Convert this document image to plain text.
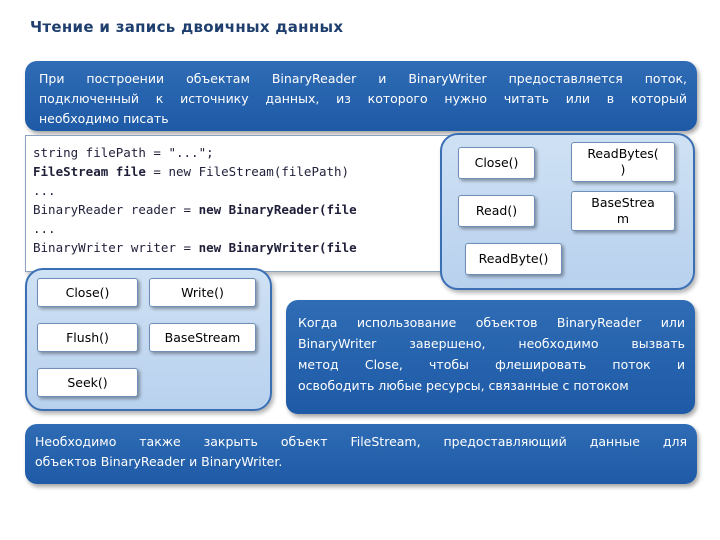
Чтение и запись двоичных данных
При построении объектам BinaryReader и BinaryWriter предоставляется поток,
подключенный к источнику данных, из которого нужно читать или в который
необходимо писать
string filePath = "...";
FileStream file = new FileStream(filePath)
...
BinaryReader reader = new BinaryReader(file
...
BinaryWriter writer = new BinaryWriter(file
Close()
Read()
ReadByte()
ReadBytes(
)
BaseStrea
m
Close()	Write()
Flush()	BaseStream
Seek()
Когда использование объектов BinaryReader или
BinaryWriter завершено, необходимо вызвать
метод Close, чтобы флешировать поток и
освободить любые ресурсы, связанные с потоком
Необходимо также закрыть объект FileStream, предоставляющий данные для
объектов BinaryReader и BinaryWriter.
